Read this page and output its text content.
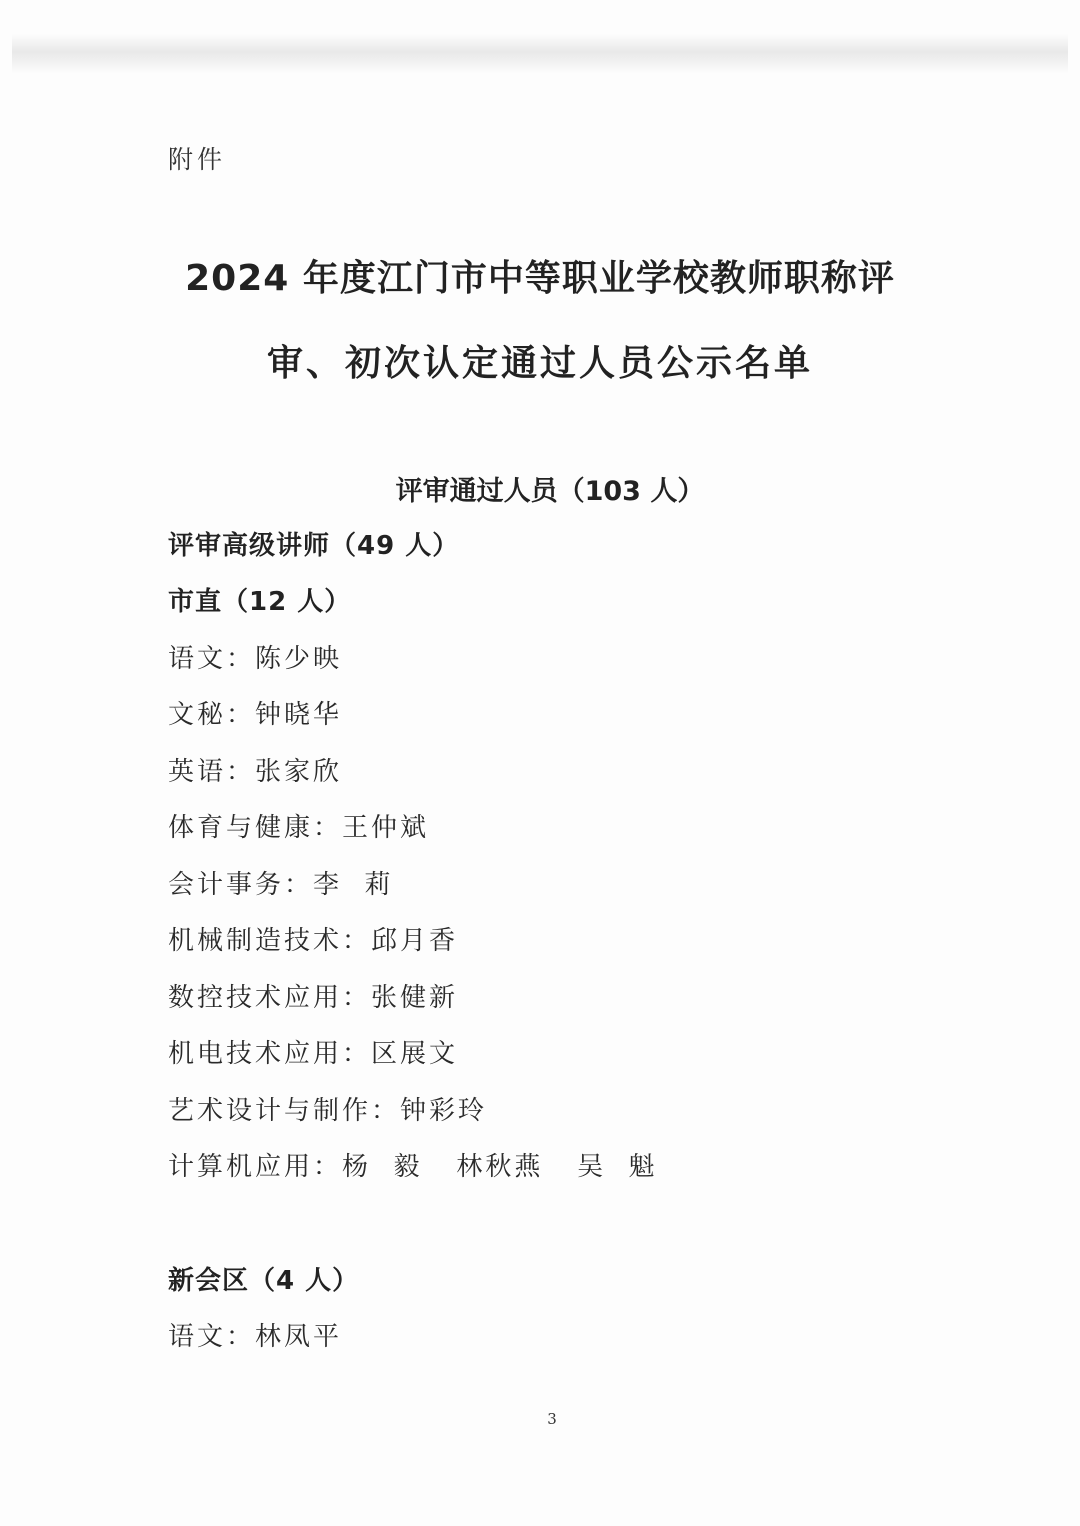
附件
2024 年度江门市中等职业学校教师职称评
审、初次认定通过人员公示名单
评审通过人员（103 人）
评审高级讲师（49 人）
市直（12 人）
语文：陈少映
文秘：钟晓华
英语：张家欣
体育与健康：王仲斌
会计事务：李  莉
机械制造技术：邱月香
数控技术应用：张健新
机电技术应用：区展文
艺术设计与制作：钟彩玲
计算机应用：杨  毅   林秋燕   吴  魁
新会区（4 人）
语文：林凤平
3
